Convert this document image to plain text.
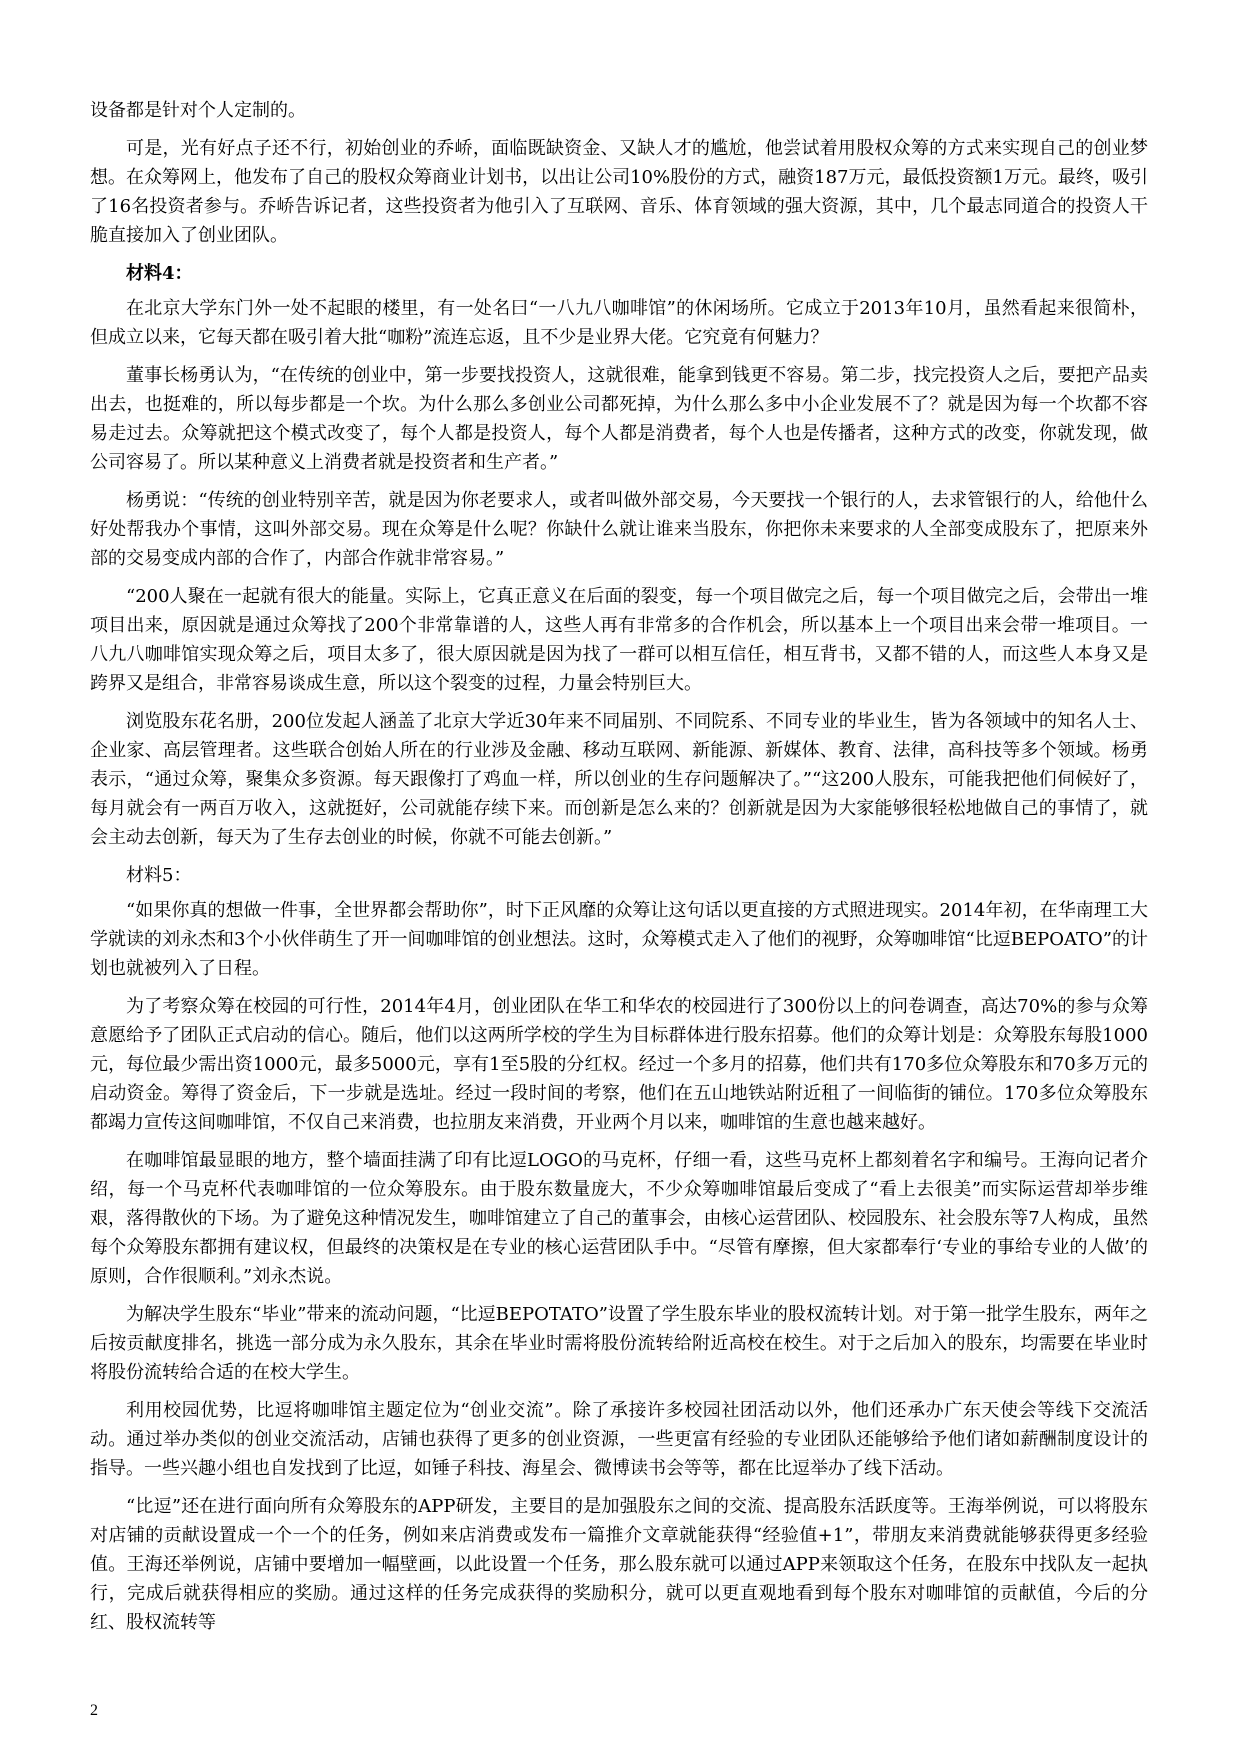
设备都是针对个人定制的。

可是，光有好点子还不行，初始创业的乔峤，面临既缺资金、又缺人才的尴尬，他尝试着用股权众筹的方式来实现自己的创业梦想。在众筹网上，他发布了自己的股权众筹商业计划书，以出让公司10%股份的方式，融资187万元，最低投资额1万元。最终，吸引了16名投资者参与。乔峤告诉记者，这些投资者为他引入了互联网、音乐、体育领域的强大资源，其中，几个最志同道合的投资人干脆直接加入了创业团队。

材料4：

在北京大学东门外一处不起眼的楼里，有一处名曰“一八九八咖啡馆”的休闲场所。它成立于2013年10月，虽然看起来很简朴，但成立以来，它每天都在吸引着大批“咖粉”流连忘返，且不少是业界大佬。它究竟有何魅力？

董事长杨勇认为，“在传统的创业中，第一步要找投资人，这就很难，能拿到钱更不容易。第二步，找完投资人之后，要把产品卖出去，也挺难的，所以每步都是一个坎。为什么那么多创业公司都死掉，为什么那么多中小企业发展不了？就是因为每一个坎都不容易走过去。众筹就把这个模式改变了，每个人都是投资人，每个人都是消费者，每个人也是传播者，这种方式的改变，你就发现，做公司容易了。所以某种意义上消费者就是投资者和生产者。”

杨勇说：“传统的创业特别辛苦，就是因为你老要求人，或者叫做外部交易，今天要找一个银行的人，去求管银行的人，给他什么好处帮我办个事情，这叫外部交易。现在众筹是什么呢？你缺什么就让谁来当股东，你把你未来要求的人全部变成股东了，把原来外部的交易变成内部的合作了，内部合作就非常容易。”

“200人聚在一起就有很大的能量。实际上，它真正意义在后面的裂变，每一个项目做完之后，每一个项目做完之后，会带出一堆项目出来，原因就是通过众筹找了200个非常靠谱的人，这些人再有非常多的合作机会，所以基本上一个项目出来会带一堆项目。一八九八咖啡馆实现众筹之后，项目太多了，很大原因就是因为找了一群可以相互信任，相互背书，又都不错的人，而这些人本身又是跨界又是组合，非常容易谈成生意，所以这个裂变的过程，力量会特别巨大。

浏览股东花名册，200位发起人涵盖了北京大学近30年来不同届别、不同院系、不同专业的毕业生，皆为各领域中的知名人士、企业家、高层管理者。这些联合创始人所在的行业涉及金融、移动互联网、新能源、新媒体、教育、法律，高科技等多个领域。杨勇表示，“通过众筹，聚集众多资源。每天跟像打了鸡血一样，所以创业的生存问题解决了。”“这200人股东，可能我把他们伺候好了，每月就会有一两百万收入，这就挺好，公司就能存续下来。而创新是怎么来的？创新就是因为大家能够很轻松地做自己的事情了，就会主动去创新，每天为了生存去创业的时候，你就不可能去创新。”

材料5：

“如果你真的想做一件事，全世界都会帮助你”，时下正风靡的众筹让这句话以更直接的方式照进现实。2014年初，在华南理工大学就读的刘永杰和3个小伙伴萌生了开一间咖啡馆的创业想法。这时，众筹模式走入了他们的视野，众筹咖啡馆“比逗BEPOATO”的计划也就被列入了日程。

为了考察众筹在校园的可行性，2014年4月，创业团队在华工和华农的校园进行了300份以上的问卷调查，高达70%的参与众筹意愿给予了团队正式启动的信心。随后，他们以这两所学校的学生为目标群体进行股东招募。他们的众筹计划是：众筹股东每股1000元，每位最少需出资1000元，最多5000元，享有1至5股的分红权。经过一个多月的招募，他们共有170多位众筹股东和70多万元的启动资金。筹得了资金后，下一步就是选址。经过一段时间的考察，他们在五山地铁站附近租了一间临街的铺位。170多位众筹股东都竭力宣传这间咖啡馆，不仅自己来消费，也拉朋友来消费，开业两个月以来，咖啡馆的生意也越来越好。

在咖啡馆最显眼的地方，整个墙面挂满了印有比逗LOGO的马克杯，仔细一看，这些马克杯上都刻着名字和编号。王海向记者介绍，每一个马克杯代表咖啡馆的一位众筹股东。由于股东数量庞大，不少众筹咖啡馆最后变成了“看上去很美”而实际运营却举步维艰，落得散伙的下场。为了避免这种情况发生，咖啡馆建立了自己的董事会，由核心运营团队、校园股东、社会股东等7人构成，虽然每个众筹股东都拥有建议权，但最终的决策权是在专业的核心运营团队手中。“尽管有摩擦，但大家都奉行‘专业的事给专业的人做’的原则，合作很顺利。”刘永杰说。

为解决学生股东“毕业”带来的流动问题，“比逗BEPOTATO”设置了学生股东毕业的股权流转计划。对于第一批学生股东，两年之后按贡献度排名，挑选一部分成为永久股东，其余在毕业时需将股份流转给附近高校在校生。对于之后加入的股东，均需要在毕业时将股份流转给合适的在校大学生。

利用校园优势，比逗将咖啡馆主题定位为“创业交流”。除了承接许多校园社团活动以外，他们还承办广东天使会等线下交流活动。通过举办类似的创业交流活动，店铺也获得了更多的创业资源，一些更富有经验的专业团队还能够给予他们诸如薪酬制度设计的指导。一些兴趣小组也自发找到了比逗，如锤子科技、海星会、微博读书会等等，都在比逗举办了线下活动。

“比逗”还在进行面向所有众筹股东的APP研发，主要目的是加强股东之间的交流、提高股东活跃度等。王海举例说，可以将股东对店铺的贡献设置成一个一个的任务，例如来店消费或发布一篇推介文章就能获得“经验值+1”，带朋友来消费就能够获得更多经验值。王海还举例说，店铺中要增加一幅壁画，以此设置一个任务，那么股东就可以通过APP来领取这个任务，在股东中找队友一起执行，完成后就获得相应的奖励。通过这样的任务完成获得的奖励积分，就可以更直观地看到每个股东对咖啡馆的贡献值，今后的分红、股权流转等

2
